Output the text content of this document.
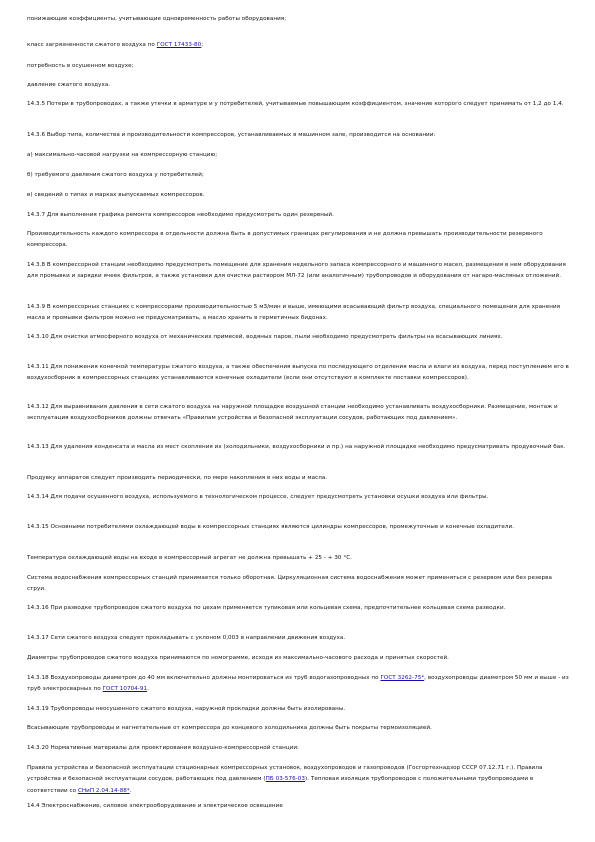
понижающие коэффициенты, учитывающие одновременность работы оборудования;

класс загрязненности сжатого воздуха по ГОСТ 17433-80;

потребность в осушенном воздухе;

давление сжатого воздуха.

14.3.5 Потери в трубопроводах, а также утечки в арматуре и у потребителей, учитываемые повышающим коэффициентом, значение которого следует принимать от 1,2 до 1,4.

14.3.6 Выбор типа, количества и производительности компрессоров, устанавливаемых в машинном зале, производится на основании:

а) максимально-часовой нагрузки на компрессорную станцию;

б) требуемого давления сжатого воздуха у потребителей;

в) сведений о типах и марках выпускаемых компрессоров.

14.3.7 Для выполнения графика ремонта компрессоров необходимо предусмотреть один резервный.

Производительность каждого компрессора в отдельности должна быть в допустимых границах регулирования и не должна превышать производительности резервного компрессора.

14.3.8 В компрессорной станции необходимо предусмотреть помещение для хранения недельного запаса компрессорного и машинного масел, размещения в нем оборудования для промывки и зарядки ячеек фильтров, а также установки для очистки раствором МЛ-72 (или аналогичным) трубопроводов и оборудования от нагаро-масляных отложений.

14.3.9 В компрессорных станциях с компрессорами производительностью 5 м3/мин и выше, имеющими всасывающий фильтр воздуха, специального помещения для хранения масла и промывки фильтров можно не предусматривать, а масло хранить в герметичных бидонах.

14.3.10 Для очистки атмосферного воздуха от механических примесей, водяных паров, пыли необходимо предусмотреть фильтры на всасывающих линиях.

14.3.11 Для понижения конечной температуры сжатого воздуха, а также обеспечения выпуска по последующего отделения масла и влаги из воздуха, перед поступлением его в воздухосборник в компрессорных станциях устанавливаются конечные охладители (если они отсутствуют в комплекте поставки компрессоров).

14.3.12 Для выравнивания давления в сети сжатого воздуха на наружной площадке воздушной станции необходимо устанавливать воздухосборники. Размещение, монтаж и эксплуатация воздухосборников должны отвечать «Правилам устройства и безопасной эксплуатации сосудов, работающих под давлением».

14.3.13 Для удаления конденсата и масла из мест скопления их (холодильники, воздухосборники и пр.) на наружной площадке необходимо предусматривать продувочный бак.

Продувку аппаратов следует производить периодически, по мере накопления в них воды и масла.

14.3.14 Для подачи осушенного воздуха, используемого в технологическом процессе, следует предусмотреть установки осушки воздуха или фильтры.

14.3.15 Основными потребителями охлаждающей воды в компрессорных станциях являются цилиндры компрессоров, промежуточные и конечные охладители.

Температура охлаждающей воды на входе в компрессорный агрегат не должна превышать + 25 - + 30 °С.

Система водоснабжения компрессорных станций принимается только оборотная. Циркуляционная система водоснабжения может применяться с резервом или без резерва струи.

14.3.16 При разводке трубопроводов сжатого воздуха по цехам применяется тупиковая или кольцевая схема, предпочтительнее кольцевая схема разводки.

14.3.17 Сети сжатого воздуха следует прокладывать с уклоном 0,003 в направлении движения воздуха.

Диаметры трубопроводов сжатого воздуха принимаются по номограмме, исходя из максимально-часового расхода и принятых скоростей.

14.3.18 Воздухопроводы диаметром до 40 мм включительно должны монтироваться из труб водогазопроводных по ГОСТ 3262-75*, воздухопроводы диаметром 50 мм и выше - из труб электросварных по ГОСТ 10704-91.

14.3.19 Трубопроводы неосушенного сжатого воздуха, наружной прокладки должны быть изолированы.

Всасывающие трубопроводы и нагнетательные от компрессора до концевого холодильника должны быть покрыты термоизоляцией.

14.3.20 Нормативные материалы для проектирования воздушно-компрессорной станции:

Правила устройства и безопасной эксплуатации стационарных компрессорных установок, воздухопроводов и газопроводов (Госгортехнадзор СССР 07.12.71 г.). Правила устройства и безопасной эксплуатации сосудов, работающих под давлением (ПБ 03-576-03). Тепловая изоляция трубопроводов с положительными трубопроводами в соответствии со СНиП 2.04.14-88*.

14.4 Электроснабжение, силовое электрооборудование и электрическое освещение
